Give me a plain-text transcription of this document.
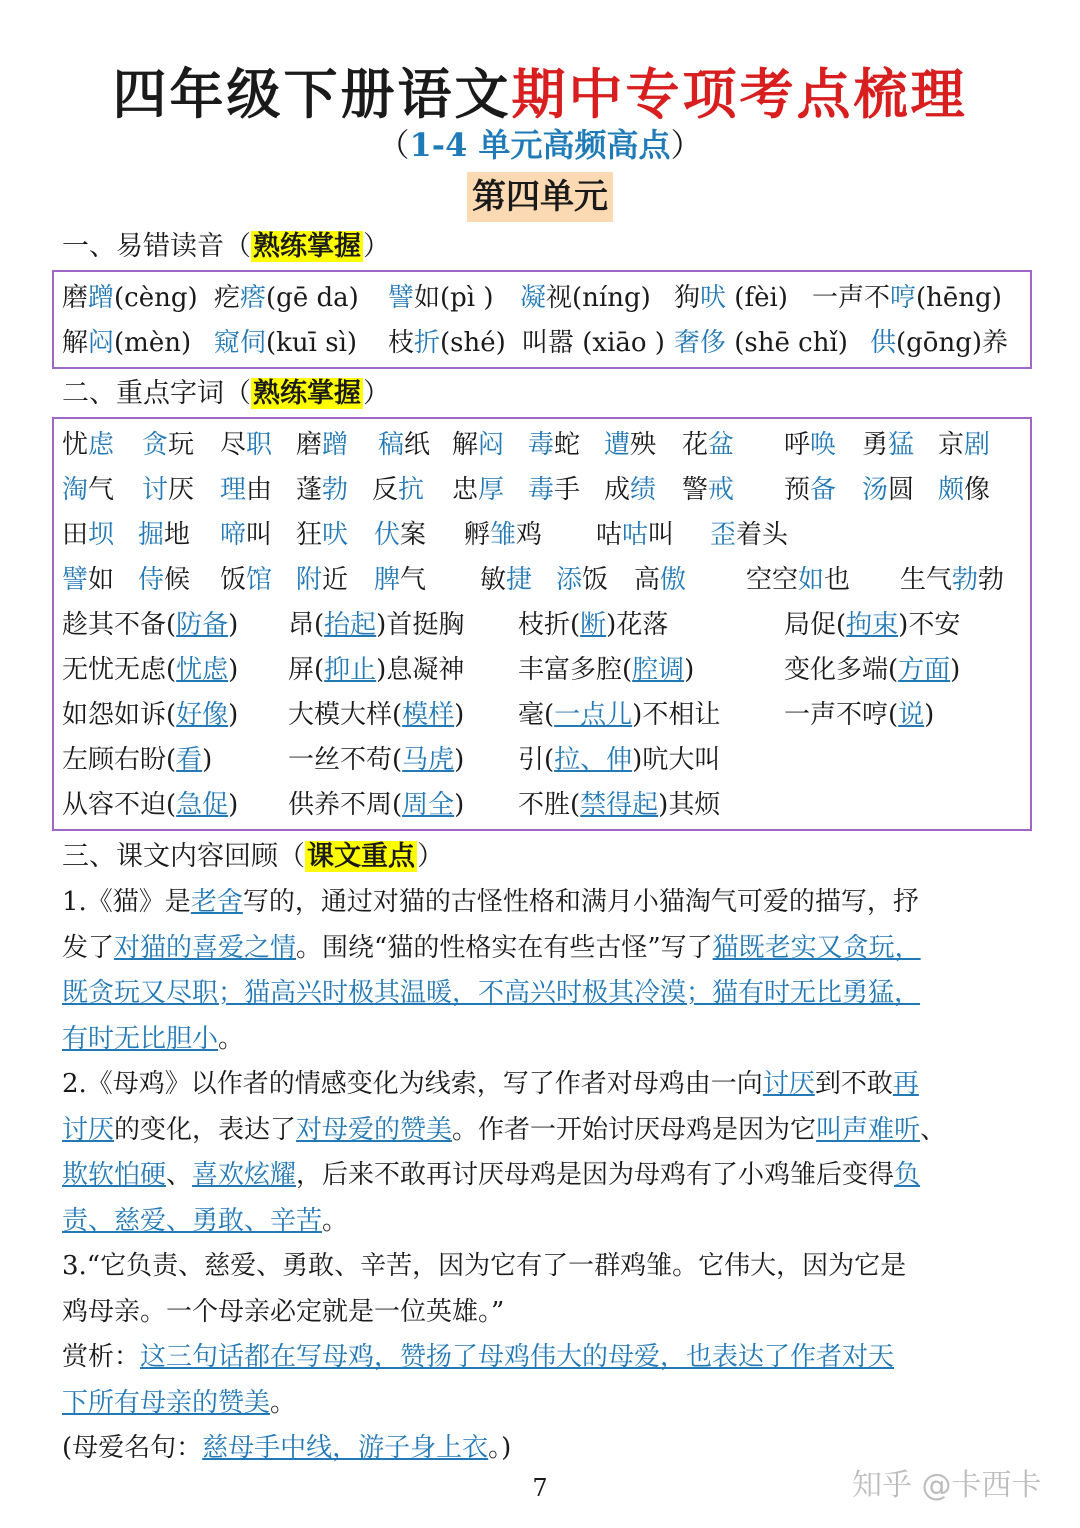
四年级下册语文期中专项考点梳理
（1-4 单元高频高点）
第四单元
一、易错读音（熟练掌握）
磨蹭(cèng) 疙瘩(gē da) 譬如(pì ) 凝视(níng) 狗吠 (fèi) 一声不哼(hēng)
解闷(mèn) 窥伺(kuī sì) 枝折(shé) 叫嚣 (xiāo ) 奢侈 (shē chǐ) 供(gōng)养
二、重点字词（熟练掌握）
忧虑 贪玩 尽职 磨蹭 稿纸 解闷 毒蛇 遭殃 花盆 呼唤 勇猛 京剧
淘气 讨厌 理由 蓬勃 反抗 忠厚 毒手 成绩 警戒 预备 汤圆 颇像
田坝 掘地 啼叫 狂吠 伏案 孵雏鸡 咕咕叫 歪着头
譬如 侍候 饭馆 附近 脾气 敏捷 添饭 高傲 空空如也 生气勃勃
趁其不备(防备) 昂(抬起)首挺胸 枝折(断)花落	局促(拘束)不安
无忧无虑(忧虑) 屏(抑止)息凝神 丰富多腔(腔调)	变化多端(方面)
如怨如诉(好像) 大模大样(模样) 毫(一点儿)不相让 一声不哼(说)
左顾右盼(看)	一丝不苟(马虎) 引(拉、伸)吭大叫
从容不迫(急促) 供养不周(周全) 不胜(禁得起)其烦
三、课文内容回顾（课文重点）
1.《猫》是老舍写的，通过对猫的古怪性格和满月小猫淘气可爱的描写，抒
发了对猫的喜爱之情。围绕“猫的性格实在有些古怪”写了猫既老实又贪玩，
既贪玩又尽职；猫高兴时极其温暖，不高兴时极其冷漠；猫有时无比勇猛，
有时无比胆小。
2.《母鸡》以作者的情感变化为线索，写了作者对母鸡由一向讨厌到不敢再
讨厌的变化，表达了对母爱的赞美。作者一开始讨厌母鸡是因为它叫声难听、
欺软怕硬、喜欢炫耀，后来不敢再讨厌母鸡是因为母鸡有了小鸡雏后变得负
责、慈爱、勇敢、辛苦。
3.“它负责、慈爱、勇敢、辛苦，因为它有了一群鸡雏。它伟大，因为它是
鸡母亲。一个母亲必定就是一位英雄。”
赏析：这三句话都在写母鸡，赞扬了母鸡伟大的母爱，也表达了作者对天
下所有母亲的赞美。
(母爱名句：慈母手中线，游子身上衣。)
7	知乎 @卡西卡
